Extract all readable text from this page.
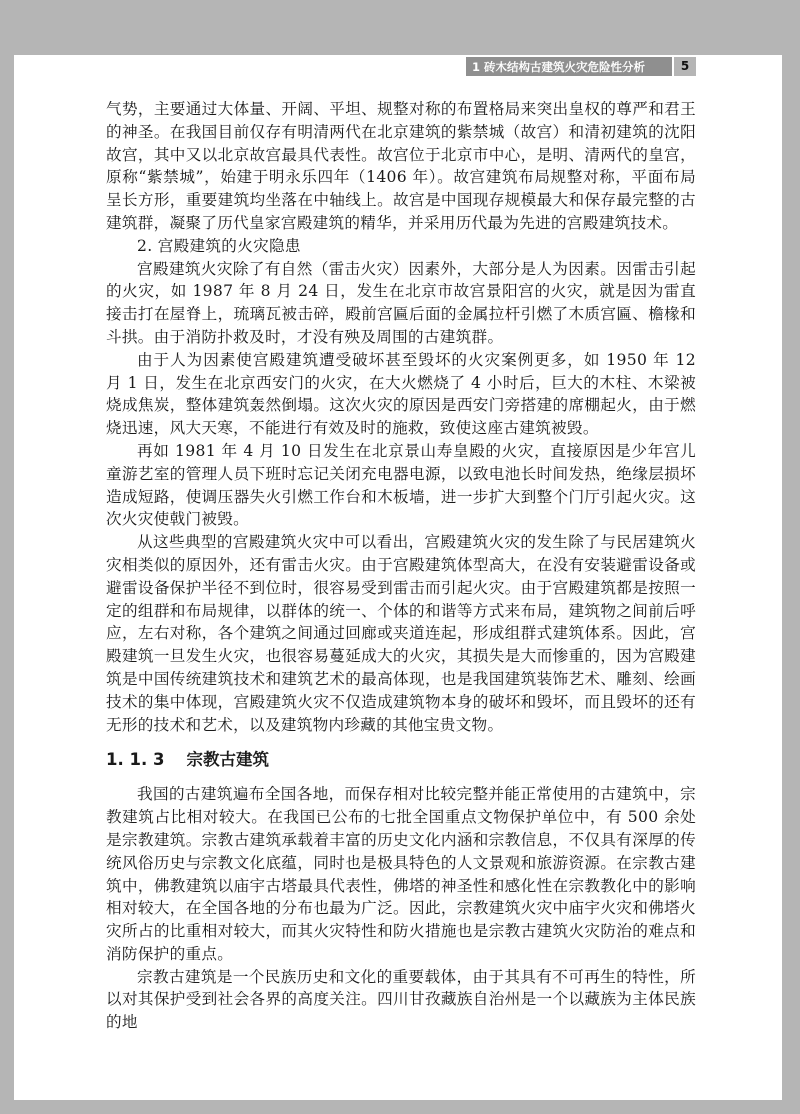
1 砖木结构古建筑火灾危险性分析	5

气势，主要通过大体量、开阔、平坦、规整对称的布置格局来突出皇权的尊严和君王的神圣。在我国目前仅存有明清两代在北京建筑的紫禁城（故宫）和清初建筑的沈阳故宫，其中又以北京故宫最具代表性。故宫位于北京市中心，是明、清两代的皇宫，原称“紫禁城”，始建于明永乐四年（1406 年）。故宫建筑布局规整对称，平面布局呈长方形，重要建筑均坐落在中轴线上。故宫是中国现存规模最大和保存最完整的古建筑群，凝聚了历代皇家宫殿建筑的精华，并采用历代最为先进的宫殿建筑技术。

2. 宫殿建筑的火灾隐患

宫殿建筑火灾除了有自然（雷击火灾）因素外，大部分是人为因素。因雷击引起的火灾，如 1987 年 8 月 24 日，发生在北京市故宫景阳宫的火灾，就是因为雷直接击打在屋脊上，琉璃瓦被击碎，殿前宫匾后面的金属拉杆引燃了木质宫匾、檐椽和斗拱。由于消防扑救及时，才没有殃及周围的古建筑群。

由于人为因素使宫殿建筑遭受破坏甚至毁坏的火灾案例更多，如 1950 年 12 月 1 日，发生在北京西安门的火灾，在大火燃烧了 4 小时后，巨大的木柱、木梁被烧成焦炭，整体建筑轰然倒塌。这次火灾的原因是西安门旁搭建的席棚起火，由于燃烧迅速，风大天寒，不能进行有效及时的施救，致使这座古建筑被毁。

再如 1981 年 4 月 10 日发生在北京景山寿皇殿的火灾，直接原因是少年宫儿童游艺室的管理人员下班时忘记关闭充电器电源，以致电池长时间发热，绝缘层损坏造成短路，使调压器失火引燃工作台和木板墙，进一步扩大到整个门厅引起火灾。这次火灾使戟门被毁。

从这些典型的宫殿建筑火灾中可以看出，宫殿建筑火灾的发生除了与民居建筑火灾相类似的原因外，还有雷击火灾。由于宫殿建筑体型高大，在没有安装避雷设备或避雷设备保护半径不到位时，很容易受到雷击而引起火灾。由于宫殿建筑都是按照一定的组群和布局规律，以群体的统一、个体的和谐等方式来布局，建筑物之间前后呼应，左右对称，各个建筑之间通过回廊或夹道连起，形成组群式建筑体系。因此，宫殿建筑一旦发生火灾，也很容易蔓延成大的火灾，其损失是大而惨重的，因为宫殿建筑是中国传统建筑技术和建筑艺术的最高体现，也是我国建筑装饰艺术、雕刻、绘画技术的集中体现，宫殿建筑火灾不仅造成建筑物本身的破坏和毁坏，而且毁坏的还有无形的技术和艺术，以及建筑物内珍藏的其他宝贵文物。

1. 1. 3 宗教古建筑

我国的古建筑遍布全国各地，而保存相对比较完整并能正常使用的古建筑中，宗教建筑占比相对较大。在我国已公布的七批全国重点文物保护单位中，有 500 余处是宗教建筑。宗教古建筑承载着丰富的历史文化内涵和宗教信息，不仅具有深厚的传统风俗历史与宗教文化底蕴，同时也是极具特色的人文景观和旅游资源。在宗教古建筑中，佛教建筑以庙宇古塔最具代表性，佛塔的神圣性和感化性在宗教教化中的影响相对较大，在全国各地的分布也最为广泛。因此，宗教建筑火灾中庙宇火灾和佛塔火灾所占的比重相对较大，而其火灾特性和防火措施也是宗教古建筑火灾防治的难点和消防保护的重点。

宗教古建筑是一个民族历史和文化的重要载体，由于其具有不可再生的特性，所以对其保护受到社会各界的高度关注。四川甘孜藏族自治州是一个以藏族为主体民族的地
